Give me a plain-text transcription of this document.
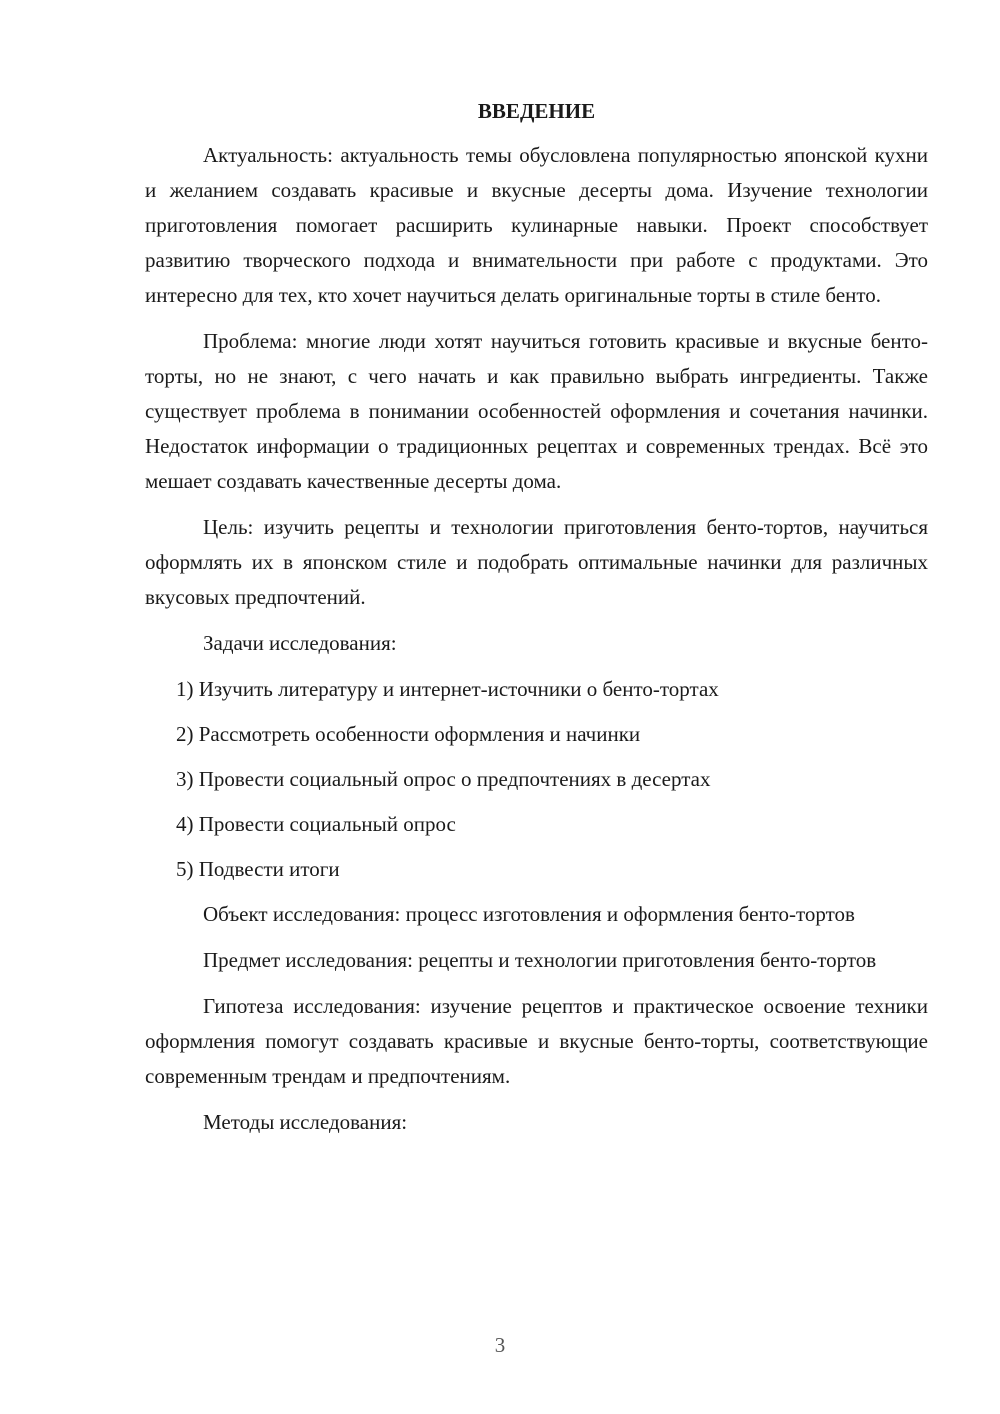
ВВЕДЕНИЕ

Актуальность: актуальность темы обусловлена популярностью японской кухни и желанием создавать красивые и вкусные десерты дома. Изучение технологии приготовления помогает расширить кулинарные навыки. Проект способствует развитию творческого подхода и внимательности при работе с продуктами. Это интересно для тех, кто хочет научиться делать оригинальные торты в стиле бенто.

Проблема: многие люди хотят научиться готовить красивые и вкусные бенто-торты, но не знают, с чего начать и как правильно выбрать ингредиенты. Также существует проблема в понимании особенностей оформления и сочетания начинки. Недостаток информации о традиционных рецептах и современных трендах. Всё это мешает создавать качественные десерты дома.

Цель: изучить рецепты и технологии приготовления бенто-тортов, научиться оформлять их в японском стиле и подобрать оптимальные начинки для различных вкусовых предпочтений.

Задачи исследования:

1) Изучить литературу и интернет-источники о бенто-тортах
2) Рассмотреть особенности оформления и начинки
3) Провести социальный опрос о предпочтениях в десертах
4) Провести социальный опрос
5) Подвести итоги

Объект исследования: процесс изготовления и оформления бенто-тортов

Предмет исследования: рецепты и технологии приготовления бенто-тортов

Гипотеза исследования: изучение рецептов и практическое освоение техники оформления помогут создавать красивые и вкусные бенто-торты, соответствующие современным трендам и предпочтениям.

Методы исследования:

3
